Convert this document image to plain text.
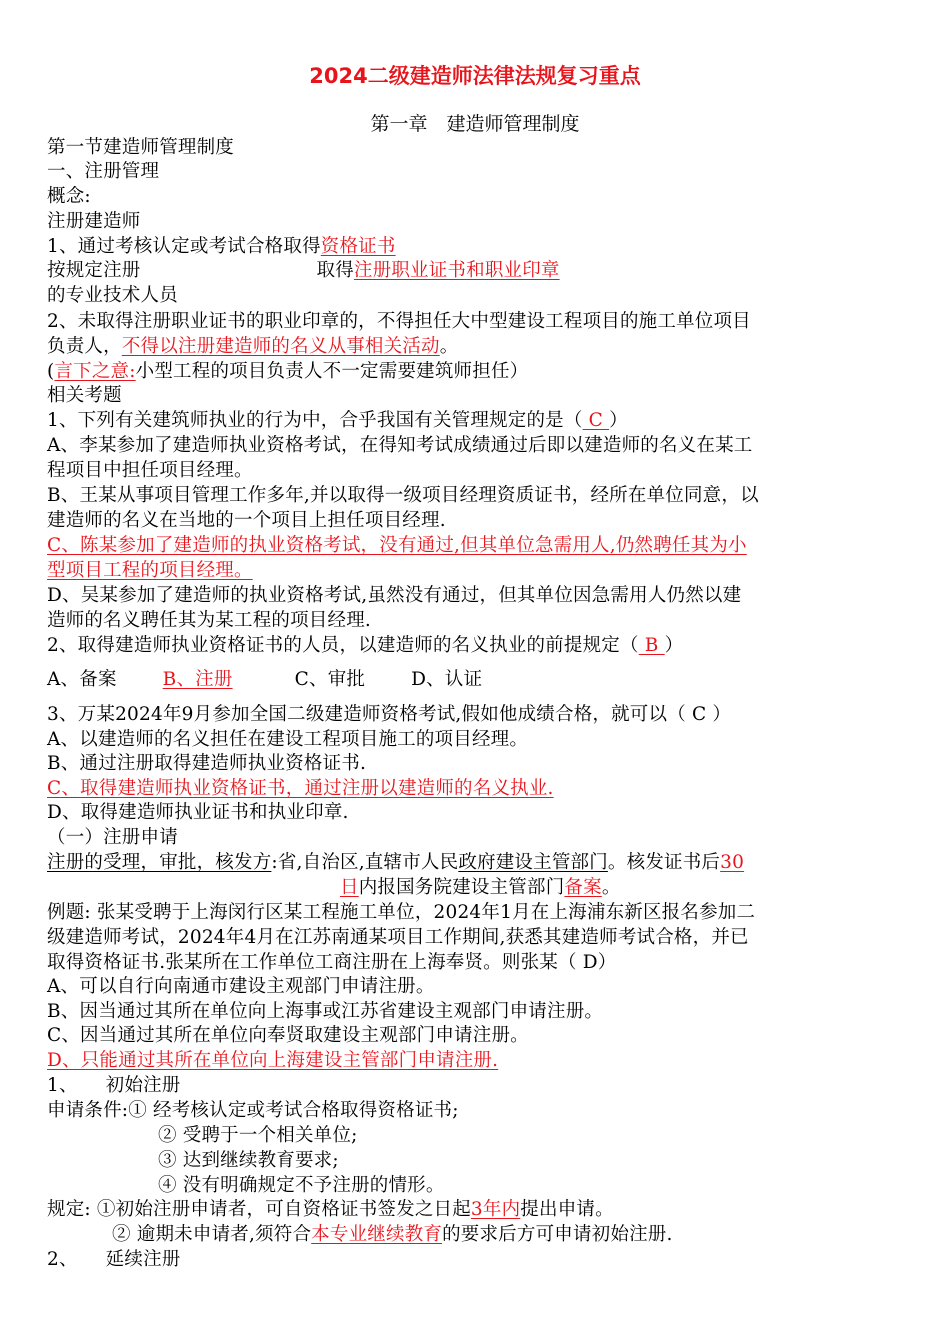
2024二级建造师法律法规复习重点
第一章　建造师管理制度
第一节建造师管理制度
一、注册管理
概念:
注册建造师
1、通过考核认定或考试合格取得资格证书
按规定注册	取得注册职业证书和职业印章
的专业技术人员
2、未取得注册职业证书的职业印章的，不得担任大中型建设工程项目的施工单位项目
负责人，不得以注册建造师的名义从事相关活动。
(言下之意:小型工程的项目负责人不一定需要建筑师担任）
相关考题
1、下列有关建筑师执业的行为中，合乎我国有关管理规定的是（ C ）
A、李某参加了建造师执业资格考试，在得知考试成绩通过后即以建造师的名义在某工
程项目中担任项目经理。
B、王某从事项目管理工作多年,并以取得一级项目经理资质证书，经所在单位同意，以
建造师的名义在当地的一个项目上担任项目经理.
C、陈某参加了建造师的执业资格考试，没有通过,但其单位急需用人,仍然聘任其为小
型项目工程的项目经理。
D、吴某参加了建造师的执业资格考试,虽然没有通过，但其单位因急需用人仍然以建
造师的名义聘任其为某工程的项目经理.
2、取得建造师执业资格证书的人员，以建造师的名义执业的前提规定（ B ）
A、备案 B、注册	C、审批 D、认证
3、万某2024年9月参加全国二级建造师资格考试,假如他成绩合格，就可以（ C ）
A、以建造师的名义担任在建设工程项目施工的项目经理。
B、通过注册取得建造师执业资格证书.
C、取得建造师执业资格证书，通过注册以建造师的名义执业.
D、取得建造师执业证书和执业印章.
（一）注册申请
注册的受理，审批，核发方:省,自治区,直辖市人民政府建设主管部门。核发证书后30
日内报国务院建设主管部门备案。
例题: 张某受聘于上海闵行区某工程施工单位，2024年1月在上海浦东新区报名参加二
级建造师考试，2024年4月在江苏南通某项目工作期间,获悉其建造师考试合格，并已
取得资格证书.张某所在工作单位工商注册在上海奉贤。则张某（ D）
A、可以自行向南通市建设主观部门申请注册。
B、因当通过其所在单位向上海事或江苏省建设主观部门申请注册。
C、因当通过其所在单位向奉贤取建设主观部门申请注册。
D、只能通过其所在单位向上海建设主管部门申请注册.
1、 初始注册
申请条件:① 经考核认定或考试合格取得资格证书;
② 受聘于一个相关单位;
③ 达到继续教育要求;
④ 没有明确规定不予注册的情形。
规定: ①初始注册申请者，可自资格证书签发之日起3年内提出申请。
② 逾期未申请者,须符合本专业继续教育的要求后方可申请初始注册.
2、 延续注册
